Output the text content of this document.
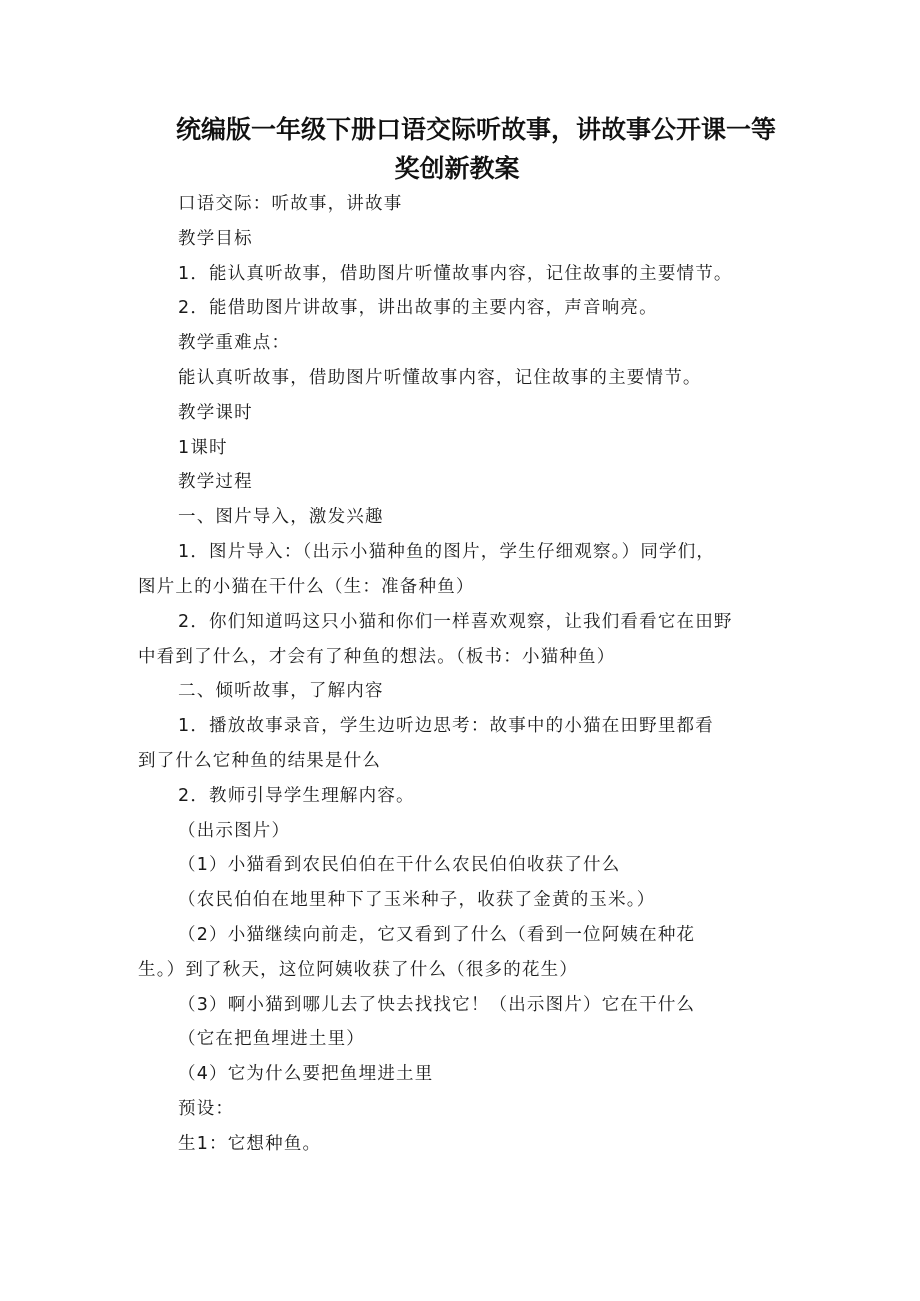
统编版一年级下册口语交际听故事，讲故事公开课一等
奖创新教案
口语交际：听故事，讲故事
教学目标
1．能认真听故事，借助图片听懂故事内容，记住故事的主要情节。
2．能借助图片讲故事，讲出故事的主要内容，声音响亮。
教学重难点：
能认真听故事，借助图片听懂故事内容，记住故事的主要情节。
教学课时
1课时
教学过程
一、图片导入，激发兴趣
1．图片导入：（出示小猫种鱼的图片，学生仔细观察。）同学们，
图片上的小猫在干什么（生：准备种鱼）
2．你们知道吗这只小猫和你们一样喜欢观察，让我们看看它在田野
中看到了什么，才会有了种鱼的想法。（板书：小猫种鱼）
二、倾听故事，了解内容
1．播放故事录音，学生边听边思考：故事中的小猫在田野里都看
到了什么它种鱼的结果是什么
2．教师引导学生理解内容。
（出示图片）
（1）小猫看到农民伯伯在干什么农民伯伯收获了什么
（农民伯伯在地里种下了玉米种子，收获了金黄的玉米。）
（2）小猫继续向前走，它又看到了什么（看到一位阿姨在种花
生。）到了秋天，这位阿姨收获了什么（很多的花生）
（3）啊小猫到哪儿去了快去找找它！（出示图片）它在干什么
（它在把鱼埋进土里）
（4）它为什么要把鱼埋进土里
预设：
生1：它想种鱼。
